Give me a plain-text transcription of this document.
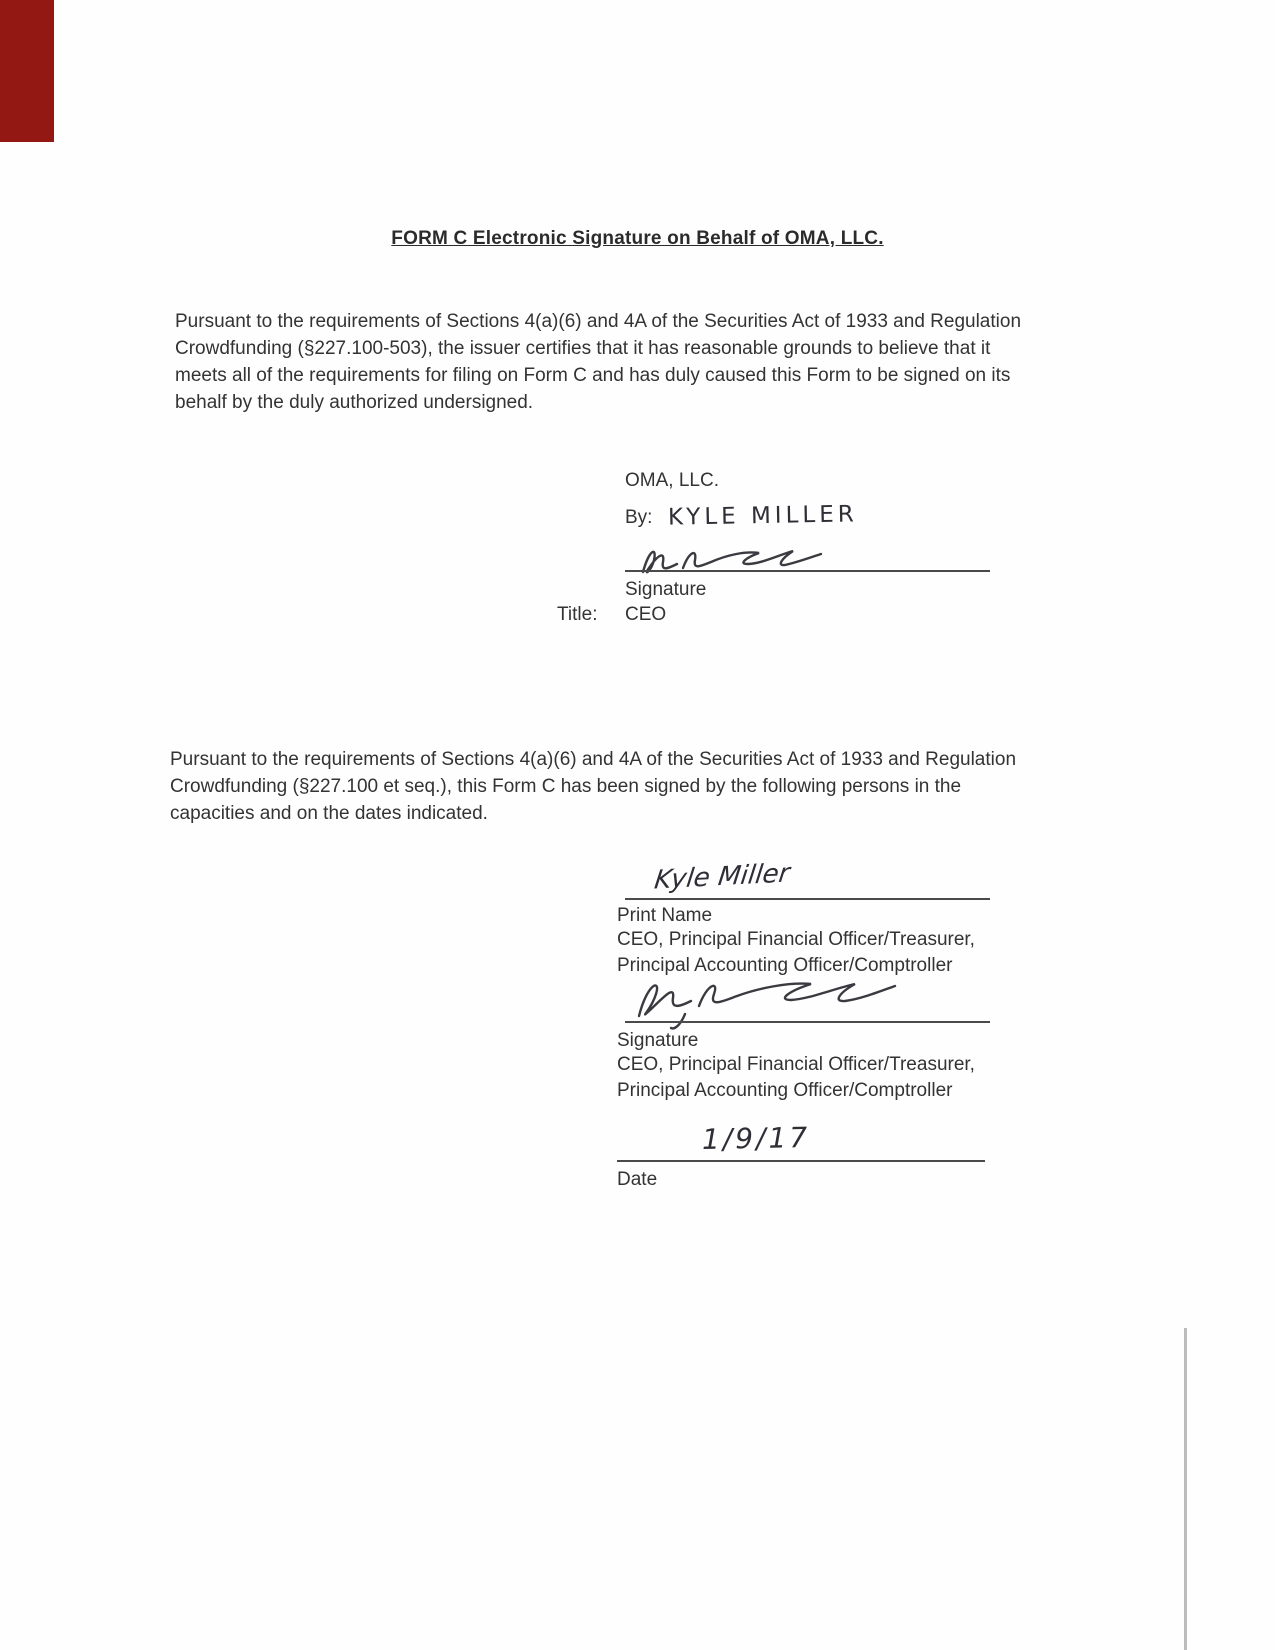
FORM C Electronic Signature on Behalf of OMA, LLC.
Pursuant to the requirements of Sections 4(a)(6) and 4A of the Securities Act of 1933 and Regulation Crowdfunding (§227.100-503), the issuer certifies that it has reasonable grounds to believe that it meets all of the requirements for filing on Form C and has duly caused this Form to be signed on its behalf by the duly authorized undersigned.
OMA, LLC.
By: KYLE MILLER
Signature
Title: CEO
Pursuant to the requirements of Sections 4(a)(6) and 4A of the Securities Act of 1933 and Regulation Crowdfunding (§227.100 et seq.), this Form C has been signed by the following persons in the capacities and on the dates indicated.
Kyle Miller
Print Name
CEO, Principal Financial Officer/Treasurer,
Principal Accounting Officer/Comptroller
Signature
CEO, Principal Financial Officer/Treasurer,
Principal Accounting Officer/Comptroller
1/9/17
Date
